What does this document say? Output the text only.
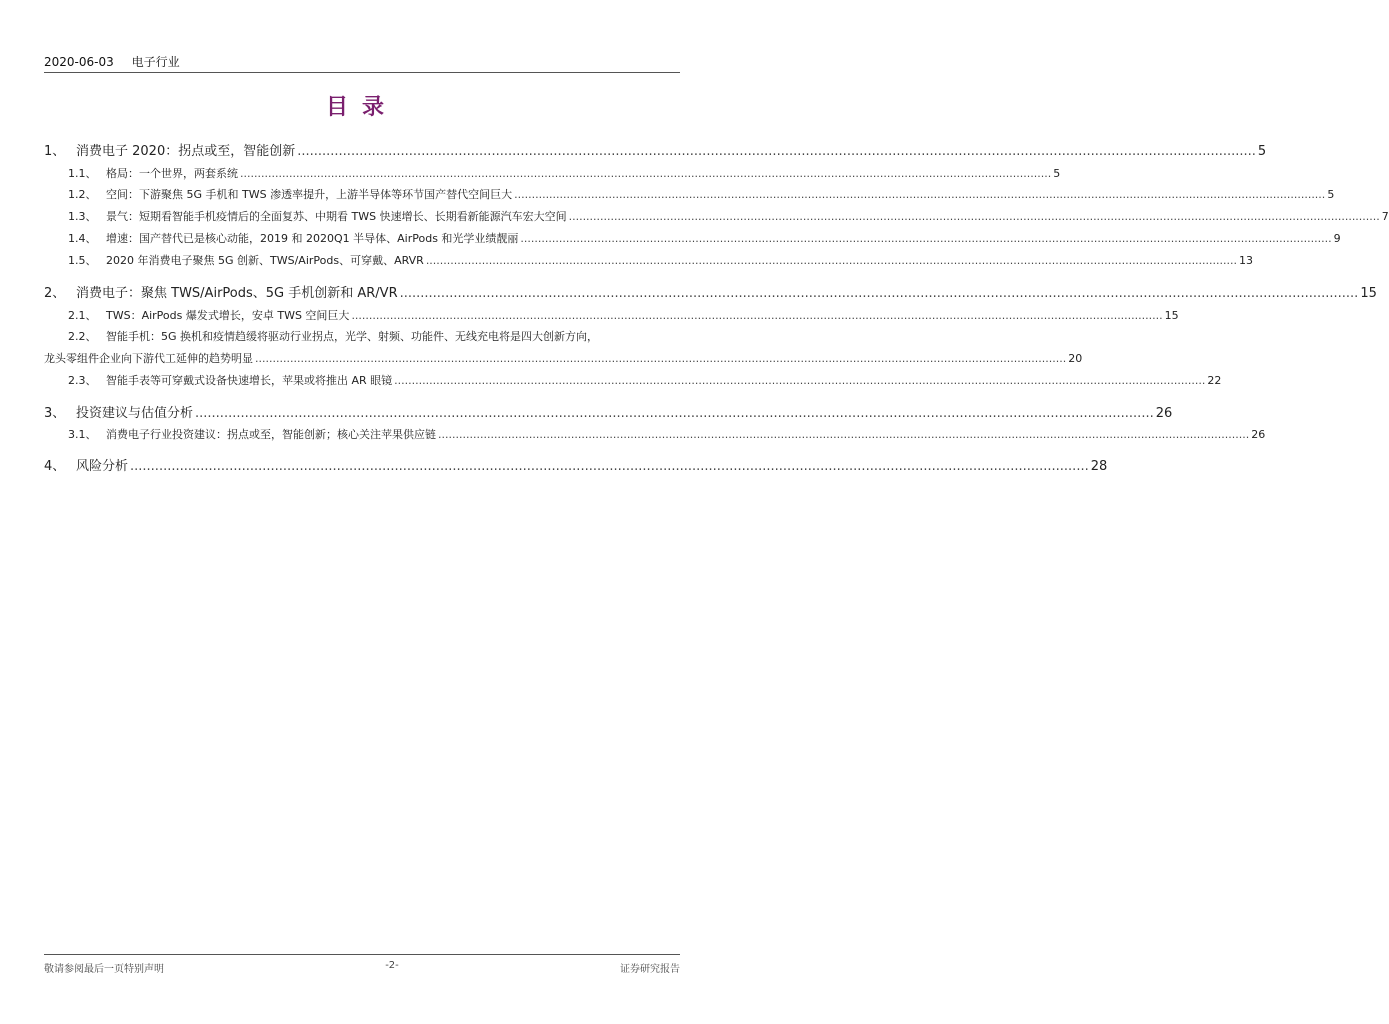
2020-06-03 电子行业
目录
1、 消费电子 2020：拐点或至，智能创新 .....	5
1.1、 格局：一个世界，两套系统 .....	5
1.2、 空间：下游聚焦 5G 手机和 TWS 渗透率提升，上游半导体等环节国产替代空间巨大 .....	5
1.3、 景气：短期看智能手机疫情后的全面复苏、中期看 TWS 快速增长、长期看新能源汽车宏大空间 .....	7
1.4、 增速：国产替代已是核心动能，2019 和 2020Q1 半导体、AirPods 和光学业绩靓丽 .....	9
1.5、 2020 年消费电子聚焦 5G 创新、TWS/AirPods、可穿戴、ARVR .....	13
2、 消费电子：聚焦 TWS/AirPods、5G 手机创新和 AR/VR .....	15
2.1、 TWS：AirPods 爆发式增长，安卓 TWS 空间巨大 .....	15
2.2、 智能手机：5G 换机和疫情趋缓将驱动行业拐点，光学、射频、功能件、无线充电将是四大创新方向，
龙头零组件企业向下游代工延伸的趋势明显 .....	20
2.3、 智能手表等可穿戴式设备快速增长，苹果或将推出 AR 眼镜 .....	22
3、 投资建议与估值分析 .....	26
3.1、 消费电子行业投资建议：拐点或至，智能创新；核心关注苹果供应链 .....	26
4、 风险分析 .....	28
敬请参阅最后一页特别声明	-2-	证券研究报告
